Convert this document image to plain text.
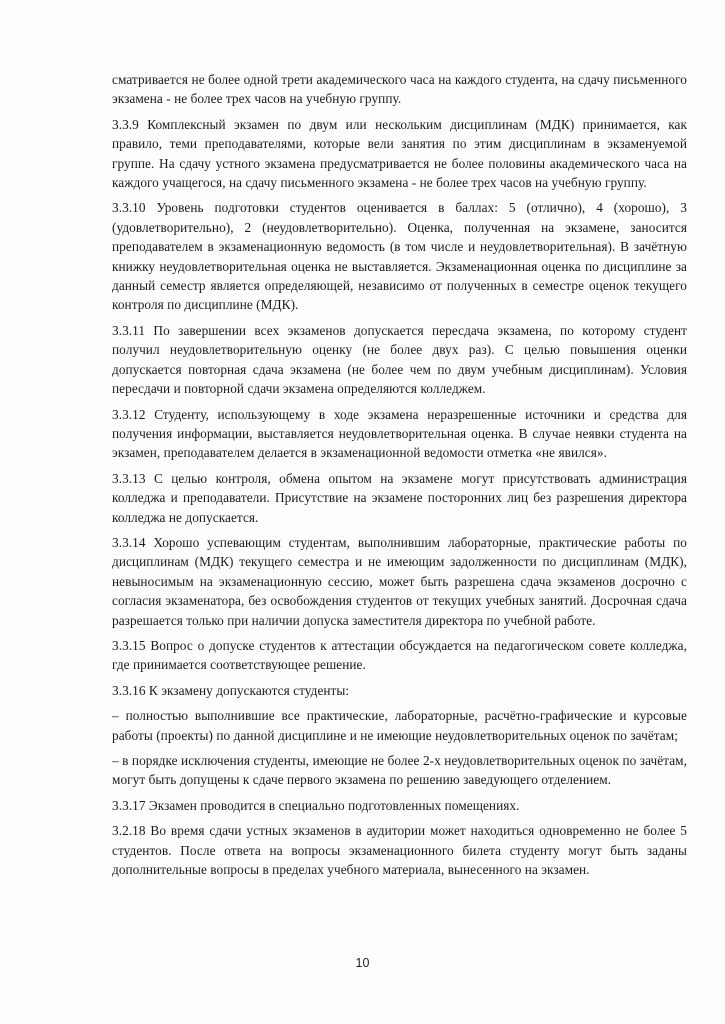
сматривается не более одной трети академического часа на каждого студента, на сдачу письменного экзамена - не более трех часов на учебную группу.

3.3.9 Комплексный экзамен по двум или нескольким дисциплинам (МДК) принимается, как правило, теми преподавателями, которые вели занятия по этим дисциплинам в экзаменуемой группе. На сдачу устного экзамена предусматривается не более половины академического часа на каждого учащегося, на сдачу письменного экзамена - не более трех часов на учебную группу.

3.3.10 Уровень подготовки студентов оценивается в баллах: 5 (отлично), 4 (хорошо), 3 (удовлетворительно), 2 (неудовлетворительно). Оценка, полученная на экзамене, заносится преподавателем в экзаменационную ведомость (в том числе и неудовлетворительная). В зачётную книжку неудовлетворительная оценка не выставляется. Экзаменационная оценка по дисциплине за данный семестр является определяющей, независимо от полученных в семестре оценок текущего контроля по дисциплине (МДК).

3.3.11 По завершении всех экзаменов допускается пересдача экзамена, по которому студент получил неудовлетворительную оценку (не более двух раз). С целью повышения оценки допускается повторная сдача экзамена (не более чем по двум учебным дисциплинам). Условия пересдачи и повторной сдачи экзамена определяются колледжем.

3.3.12 Студенту, использующему в ходе экзамена неразрешенные источники и средства для получения информации, выставляется неудовлетворительная оценка. В случае неявки студента на экзамен, преподавателем делается в экзаменационной ведомости отметка «не явился».

3.3.13 С целью контроля, обмена опытом на экзамене могут присутствовать администрация колледжа и преподаватели. Присутствие на экзамене посторонних лиц без разрешения директора колледжа не допускается.

3.3.14 Хорошо успевающим студентам, выполнившим лабораторные, практические работы по дисциплинам (МДК) текущего семестра и не имеющим задолженности по дисциплинам (МДК), невыносимым на экзаменационную сессию, может быть разрешена сдача экзаменов досрочно с согласия экзаменатора, без освобождения студентов от текущих учебных занятий. Досрочная сдача разрешается только при наличии допуска заместителя директора по учебной работе.

3.3.15 Вопрос о допуске студентов к аттестации обсуждается на педагогическом совете колледжа, где принимается соответствующее решение.

3.3.16 К экзамену допускаются студенты:

– полностью выполнившие все практические, лабораторные, расчётно-графические и курсовые работы (проекты) по данной дисциплине и не имеющие неудовлетворительных оценок по зачётам;

– в порядке исключения студенты, имеющие не более 2-х неудовлетворительных оценок по зачётам, могут быть допущены к сдаче первого экзамена по решению заведующего отделением.

3.3.17 Экзамен проводится в специально подготовленных помещениях.

3.2.18 Во время сдачи устных экзаменов в аудитории может находиться одновременно не более 5 студентов. После ответа на вопросы экзаменационного билета студенту могут быть заданы дополнительные вопросы в пределах учебного материала, вынесенного на экзамен.

10
